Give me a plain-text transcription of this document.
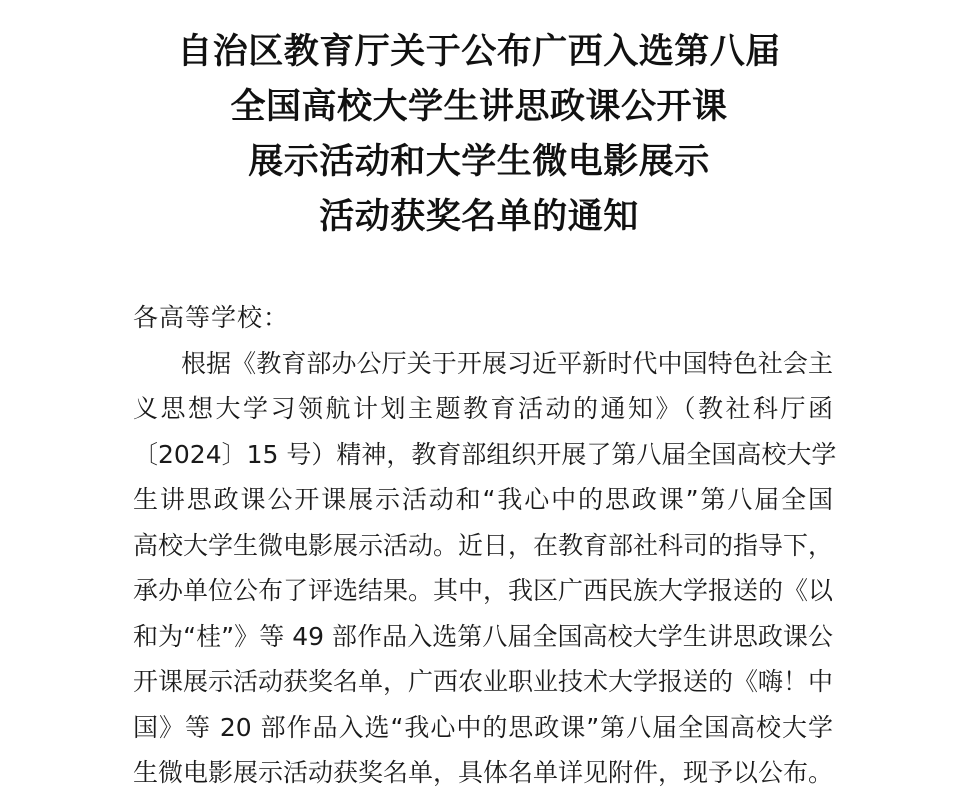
自治区教育厅关于公布广西入选第八届
全国高校大学生讲思政课公开课
展示活动和大学生微电影展示
活动获奖名单的通知
各高等学校：
根据《教育部办公厅关于开展习近平新时代中国特色社会主
义思想大学习领航计划主题教育活动的通知》（教社科厅函
〔2024〕15 号）精神，教育部组织开展了第八届全国高校大学
生讲思政课公开课展示活动和“我心中的思政课”第八届全国
高校大学生微电影展示活动。近日，在教育部社科司的指导下，
承办单位公布了评选结果。其中，我区广西民族大学报送的《以
和为“桂”》等 49 部作品入选第八届全国高校大学生讲思政课公
开课展示活动获奖名单，广西农业职业技术大学报送的《嗨！中
国》等 20 部作品入选“我心中的思政课”第八届全国高校大学
生微电影展示活动获奖名单，具体名单详见附件，现予以公布。
